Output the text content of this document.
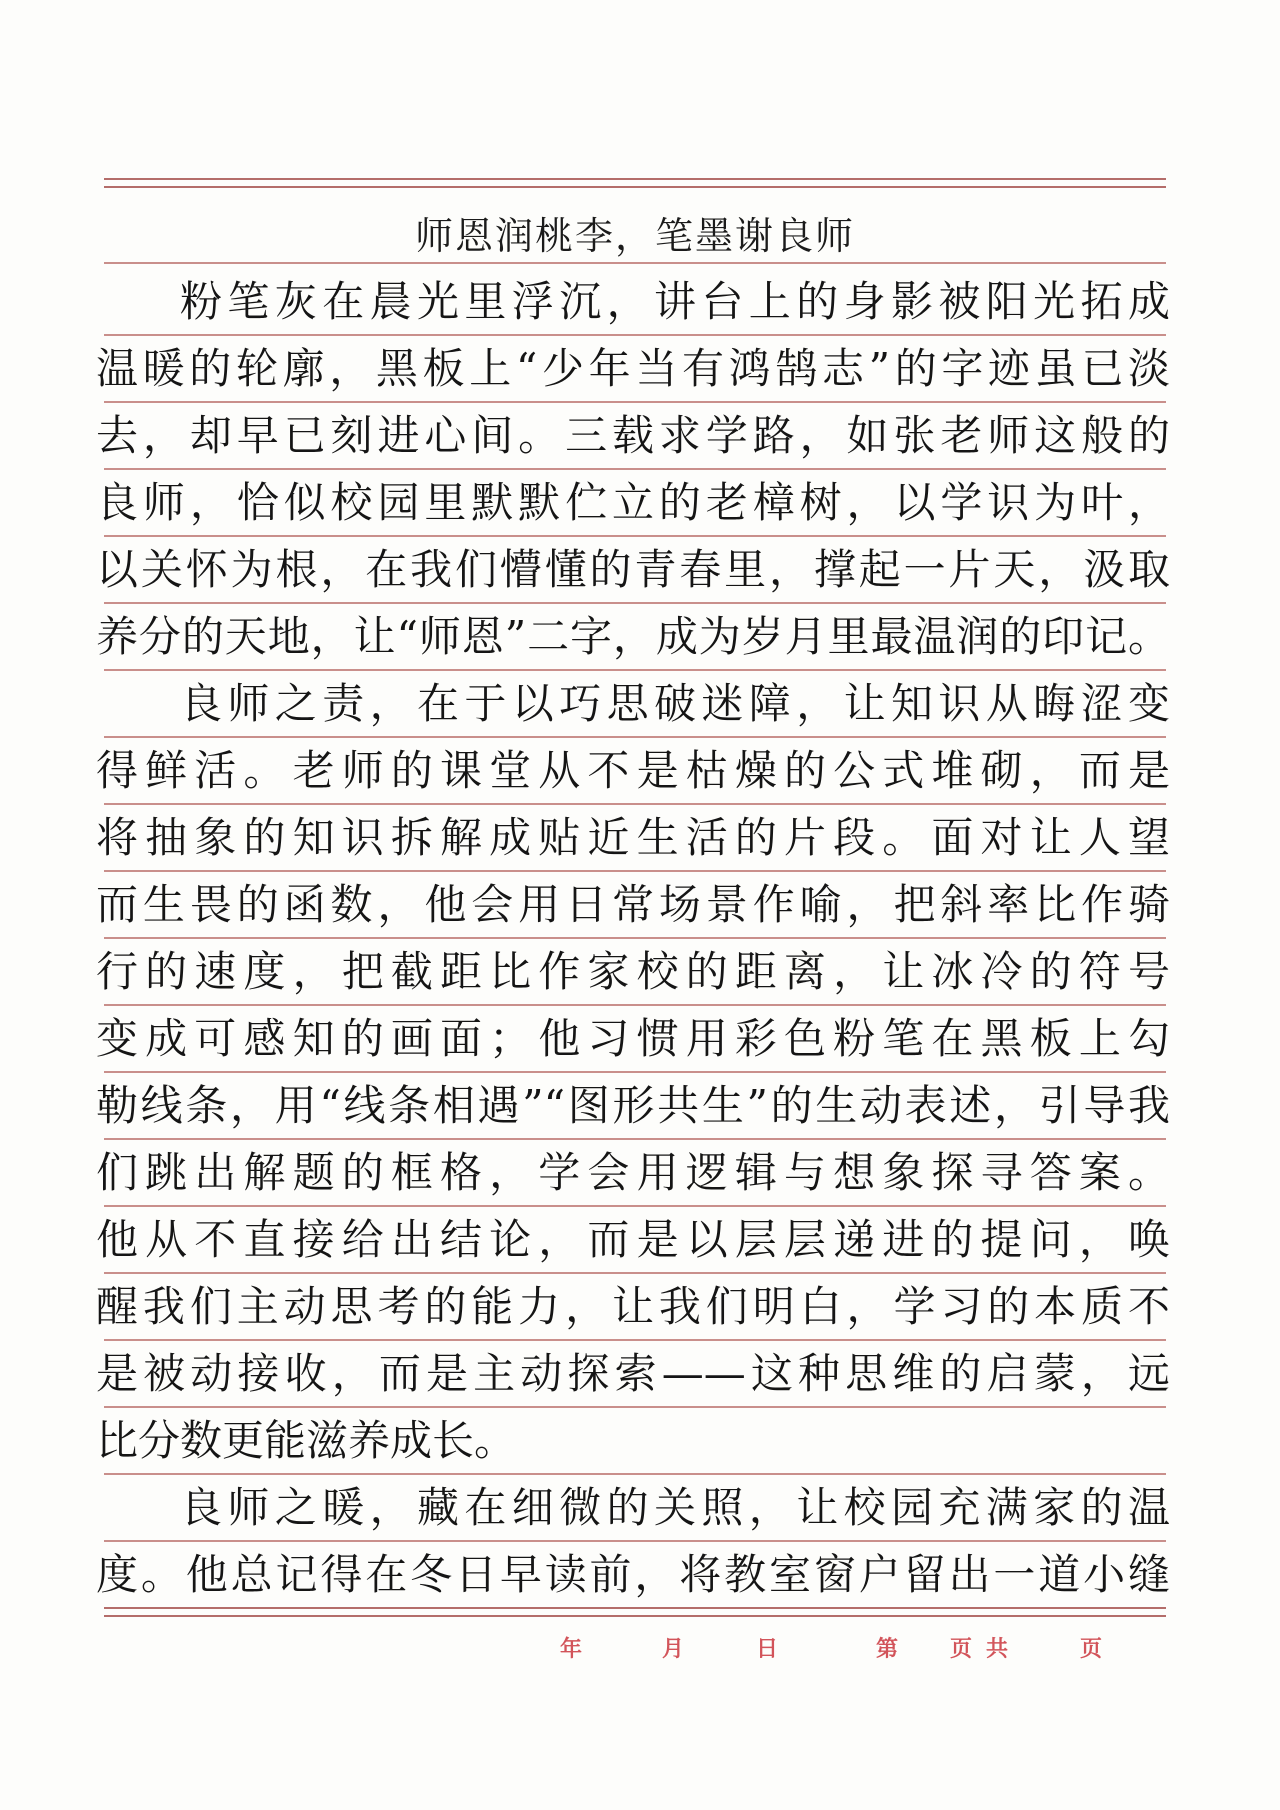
师恩润桃李，笔墨谢良师
粉笔灰在晨光里浮沉，讲台上的身影被阳光拓成
温暖的轮廓，黑板上“少年当有鸿鹄志”的字迹虽已淡
去，却早已刻进心间。三载求学路，如张老师这般的
良师，恰似校园里默默伫立的老樟树，以学识为叶，
以关怀为根，在我们懵懂的青春里，撑起一片天，汲取
养分的天地，让“师恩”二字，成为岁月里最温润的印记。
良师之责，在于以巧思破迷障，让知识从晦涩变
得鲜活。老师的课堂从不是枯燥的公式堆砌，而是
将抽象的知识拆解成贴近生活的片段。面对让人望
而生畏的函数，他会用日常场景作喻，把斜率比作骑
行的速度，把截距比作家校的距离，让冰冷的符号
变成可感知的画面；他习惯用彩色粉笔在黑板上勾
勒线条，用“线条相遇”“图形共生”的生动表述，引导我
们跳出解题的框格，学会用逻辑与想象探寻答案。
他从不直接给出结论，而是以层层递进的提问，唤
醒我们主动思考的能力，让我们明白，学习的本质不
是被动接收，而是主动探索——这种思维的启蒙，远
比分数更能滋养成长。
良师之暖，藏在细微的关照，让校园充满家的温
度。他总记得在冬日早读前，将教室窗户留出一道小缝
年	月	日	第 页共	页
